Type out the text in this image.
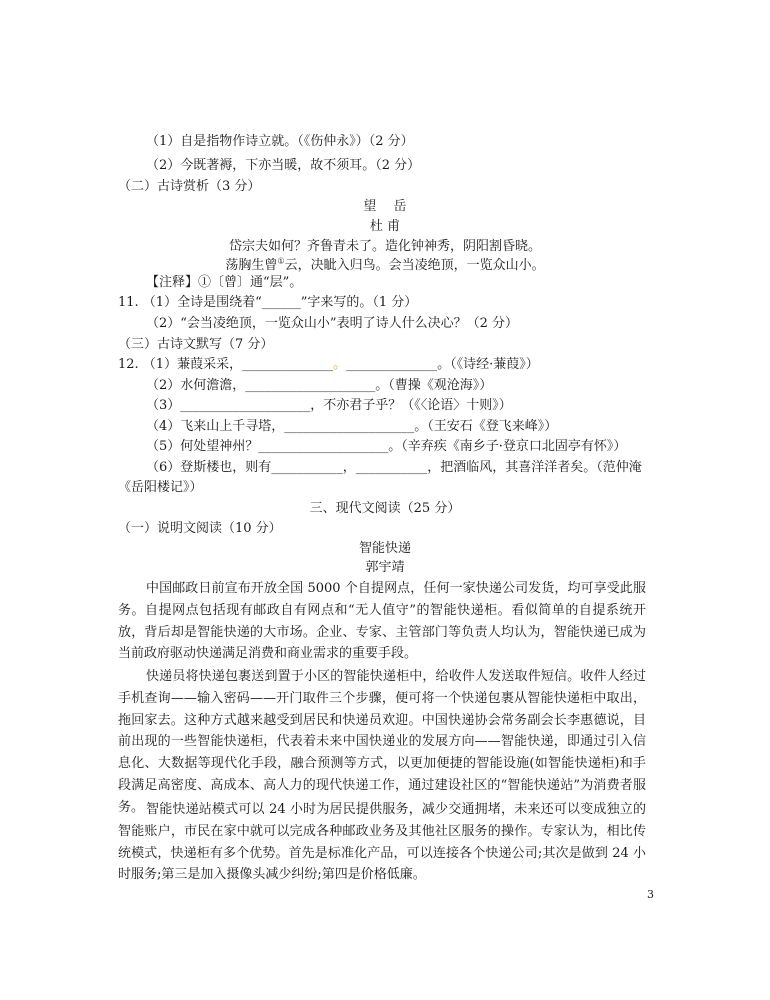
（1）自是指物作诗立就。（《伤仲永》）（2 分）
（2）今既著褥，下亦当暖，故不须耳。（2 分）
（二）古诗赏析（3 分）
望　 岳
杜 甫
岱宗夫如何？齐鲁青未了。造化钟神秀，阴阳割昏晓。
荡胸生曾①云，决眦入归鸟。会当凌绝顶，一览众山小。
【注释】①〔曾〕通“层”。
11. （1）全诗是围绕着“______”字来写的。（1 分）
（2）“会当凌绝顶，一览众山小”表明了诗人什么决心？（2 分）
（三）古诗文默写（7 分）
12. （1）蒹葭采采，______________。______________。（《诗经·蒹葭》）
（2）水何澹澹，____________________。（曹操《观沧海》）
（3）____________________，不亦君子乎？（《〈论语〉十则》）
（4）飞来山上千寻塔，____________________。（王安石《登飞来峰》）
（5）何处望神州？____________________。（辛弃疾《南乡子·登京口北固亭有怀》）
（6）登斯楼也，则有___________，___________，把酒临风，其喜洋洋者矣。（范仲淹
《岳阳楼记》）
三、现代文阅读（25 分）
（一）说明文阅读（10 分）
智能快递
郭宇靖
中国邮政日前宣布开放全国 5000 个自提网点，任何一家快递公司发货，均可享受此服务。自提网点包括现有邮政自有网点和“无人值守”的智能快递柜。看似简单的自提系统开放，背后却是智能快递的大市场。企业、专家、主管部门等负责人均认为，智能快递已成为当前政府驱动快递满足消费和商业需求的重要手段。
快递员将快递包裹送到置于小区的智能快递柜中，给收件人发送取件短信。收件人经过手机查询——输入密码——开门取件三个步骤，便可将一个快递包裹从智能快递柜中取出，拖回家去。这种方式越来越受到居民和快递员欢迎。中国快递协会常务副会长李惠德说，目前出现的一些智能快递柜，代表着未来中国快递业的发展方向——智能快递，即通过引入信息化、大数据等现代化手段，融合预测等方式，以更加便捷的智能设施(如智能快递柜)和手段满足高密度、高成本、高人力的现代快递工作，通过建设社区的“智能快递站”为消费者服务。 智能快递站模式可以 24 小时为居民提供服务，减少交通拥堵，未来还可以变成独立的智能账户，市民在家中就可以完成各种邮政业务及其他社区服务的操作。专家认为，相比传统模式，快递柜有多个优势。首先是标准化产品，可以连接各个快递公司;其次是做到 24 小时服务;第三是加入摄像头减少纠纷;第四是价格低廉。
3
